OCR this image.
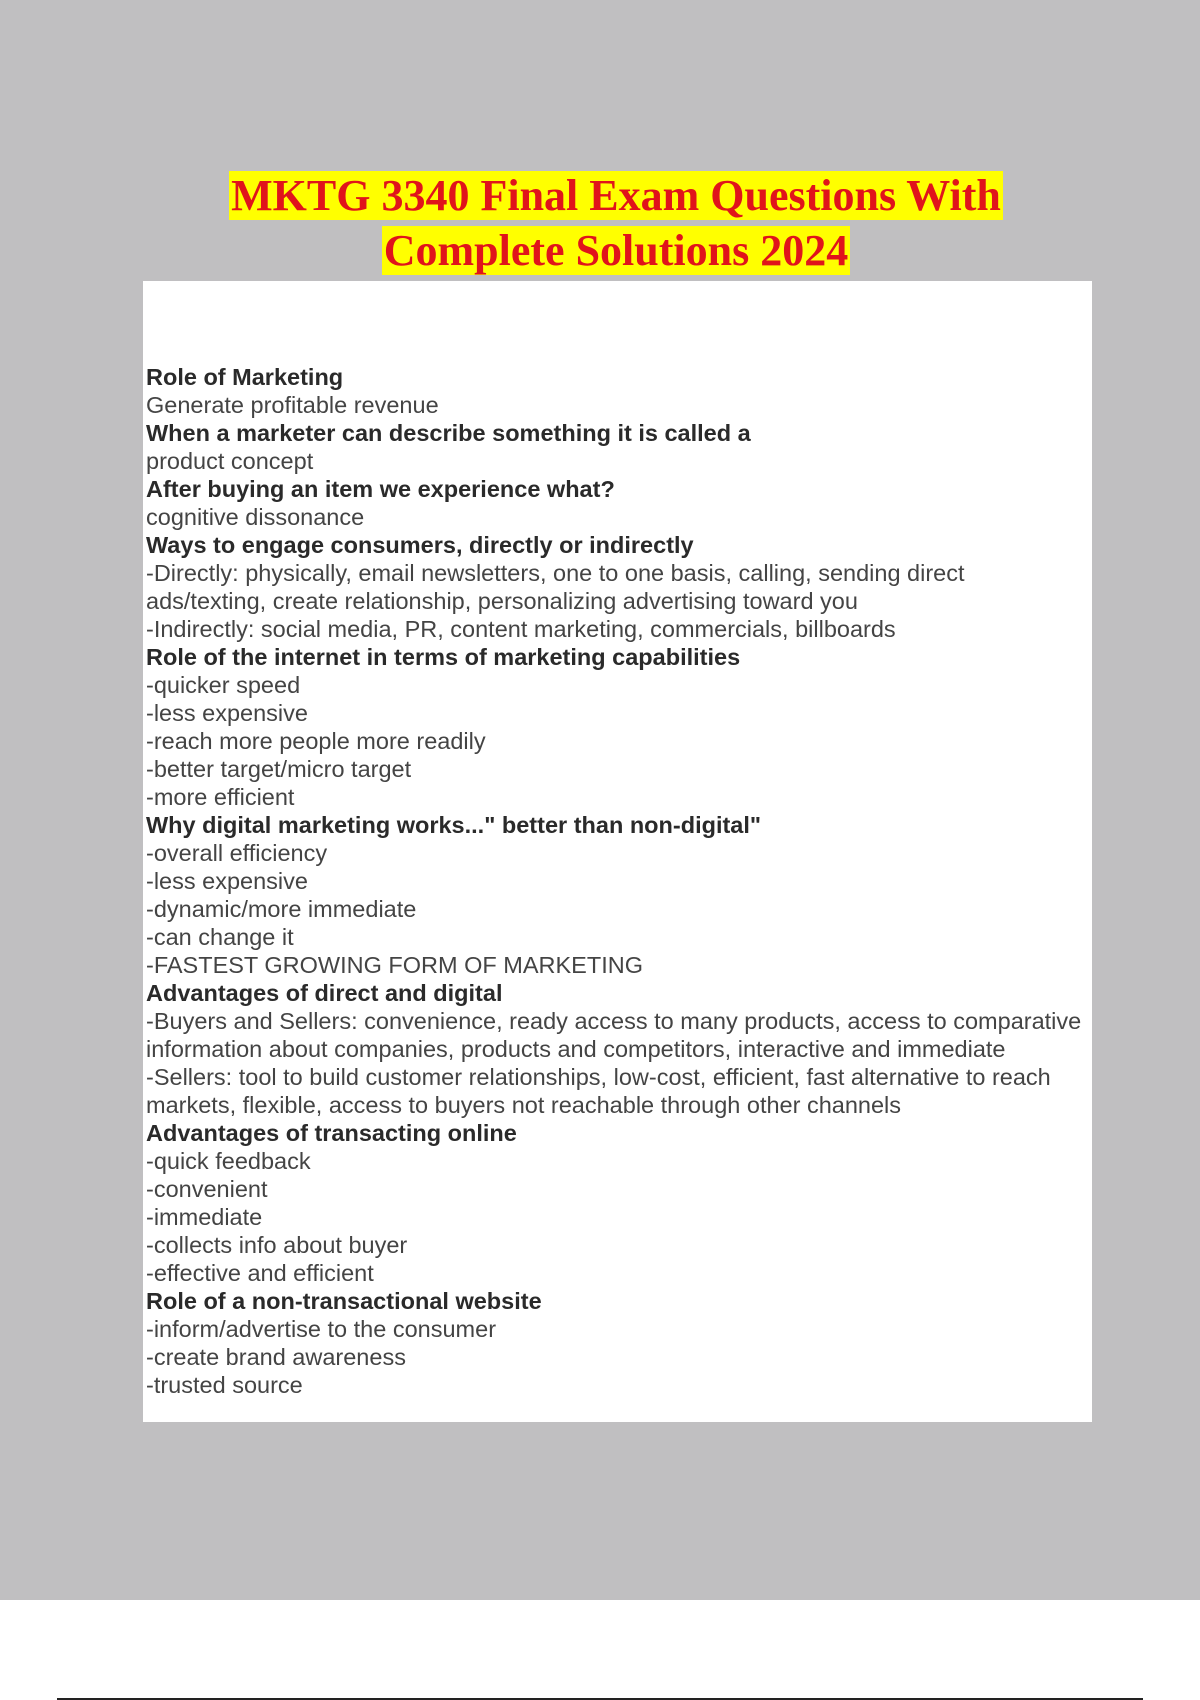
MKTG 3340 Final Exam Questions With
Complete Solutions 2024
Role of Marketing
Generate profitable revenue
When a marketer can describe something it is called a
product concept
After buying an item we experience what?
cognitive dissonance
Ways to engage consumers, directly or indirectly
-Directly: physically, email newsletters, one to one basis, calling, sending direct ads/texting, create relationship, personalizing advertising toward you
-Indirectly: social media, PR, content marketing, commercials, billboards
Role of the internet in terms of marketing capabilities
-quicker speed
-less expensive
-reach more people more readily
-better target/micro target
-more efficient
Why digital marketing works..." better than non-digital"
-overall efficiency
-less expensive
-dynamic/more immediate
-can change it
-FASTEST GROWING FORM OF MARKETING
Advantages of direct and digital
-Buyers and Sellers: convenience, ready access to many products, access to comparative information about companies, products and competitors, interactive and immediate
-Sellers: tool to build customer relationships, low-cost, efficient, fast alternative to reach markets, flexible, access to buyers not reachable through other channels
Advantages of transacting online
-quick feedback
-convenient
-immediate
-collects info about buyer
-effective and efficient
Role of a non-transactional website
-inform/advertise to the consumer
-create brand awareness
-trusted source
